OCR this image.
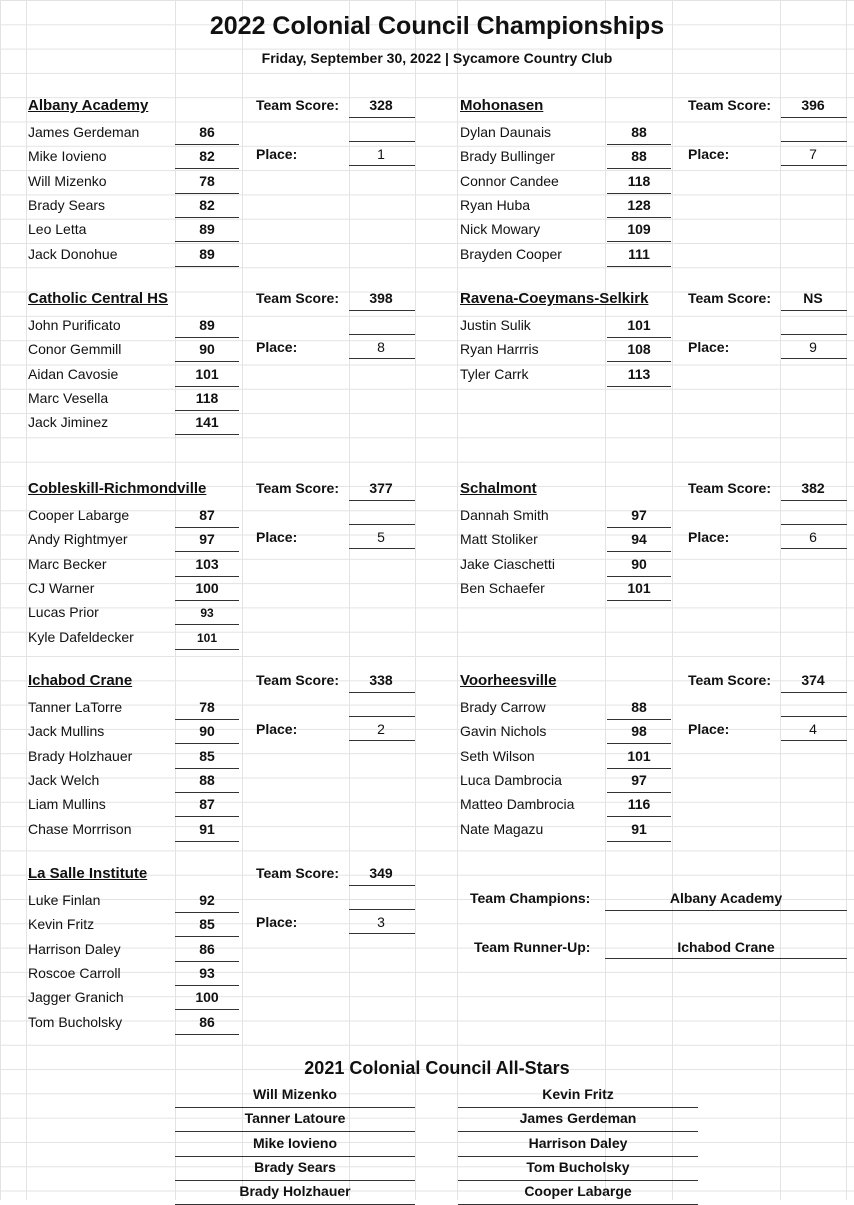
2022 Colonial Council Championships
Friday, September 30, 2022 | Sycamore Country Club
Albany Academy	Team Score:	328
Place:	1
James Gerdeman	86
Mike Iovieno	82
Will Mizenko	78
Brady Sears	82
Leo Letta	89
Jack Donohue	89
Mohonasen	Team Score:	396
Place:	7
Dylan Daunais	88
Brady Bullinger	88
Connor Candee	118
Ryan Huba	128
Nick Mowary	109
Brayden Cooper	111
Catholic Central HS	Team Score:	398
Place:	8
John Purificato	89
Conor Gemmill	90
Aidan Cavosie	101
Marc Vesella	118
Jack Jiminez	141
Ravena-Coeymans-Selkirk	Team Score:	NS
Place:	9
Justin Sulik	101
Ryan Harrris	108
Tyler Carrk	113
Cobleskill-Richmondville	Team Score:	377
Place:	5
Cooper Labarge	87
Andy Rightmyer	97
Marc Becker	103
CJ Warner	100
Lucas Prior	93
Kyle Dafeldecker	101
Schalmont	Team Score:	382
Place:	6
Dannah Smith	97
Matt Stoliker	94
Jake Ciaschetti	90
Ben Schaefer	101
Ichabod Crane	Team Score:	338
Place:	2
Tanner LaTorre	78
Jack Mullins	90
Brady Holzhauer	85
Jack Welch	88
Liam Mullins	87
Chase Morrrison	91
Voorheesville	Team Score:	374
Place:	4
Brady Carrow	88
Gavin Nichols	98
Seth Wilson	101
Luca Dambrocia	97
Matteo Dambrocia	116
Nate Magazu	91
La Salle Institute	Team Score:	349
Place:	3
Luke Finlan	92
Kevin Fritz	85
Harrison Daley	86
Roscoe Carroll	93
Jagger Granich	100
Tom Bucholsky	86
Team Champions:	Albany Academy
Team Runner-Up:	Ichabod Crane
2021 Colonial Council All-Stars
Will Mizenko
Tanner Latoure
Mike Iovieno
Brady Sears
Brady Holzhauer
Kevin Fritz
James Gerdeman
Harrison Daley
Tom Bucholsky
Cooper Labarge
